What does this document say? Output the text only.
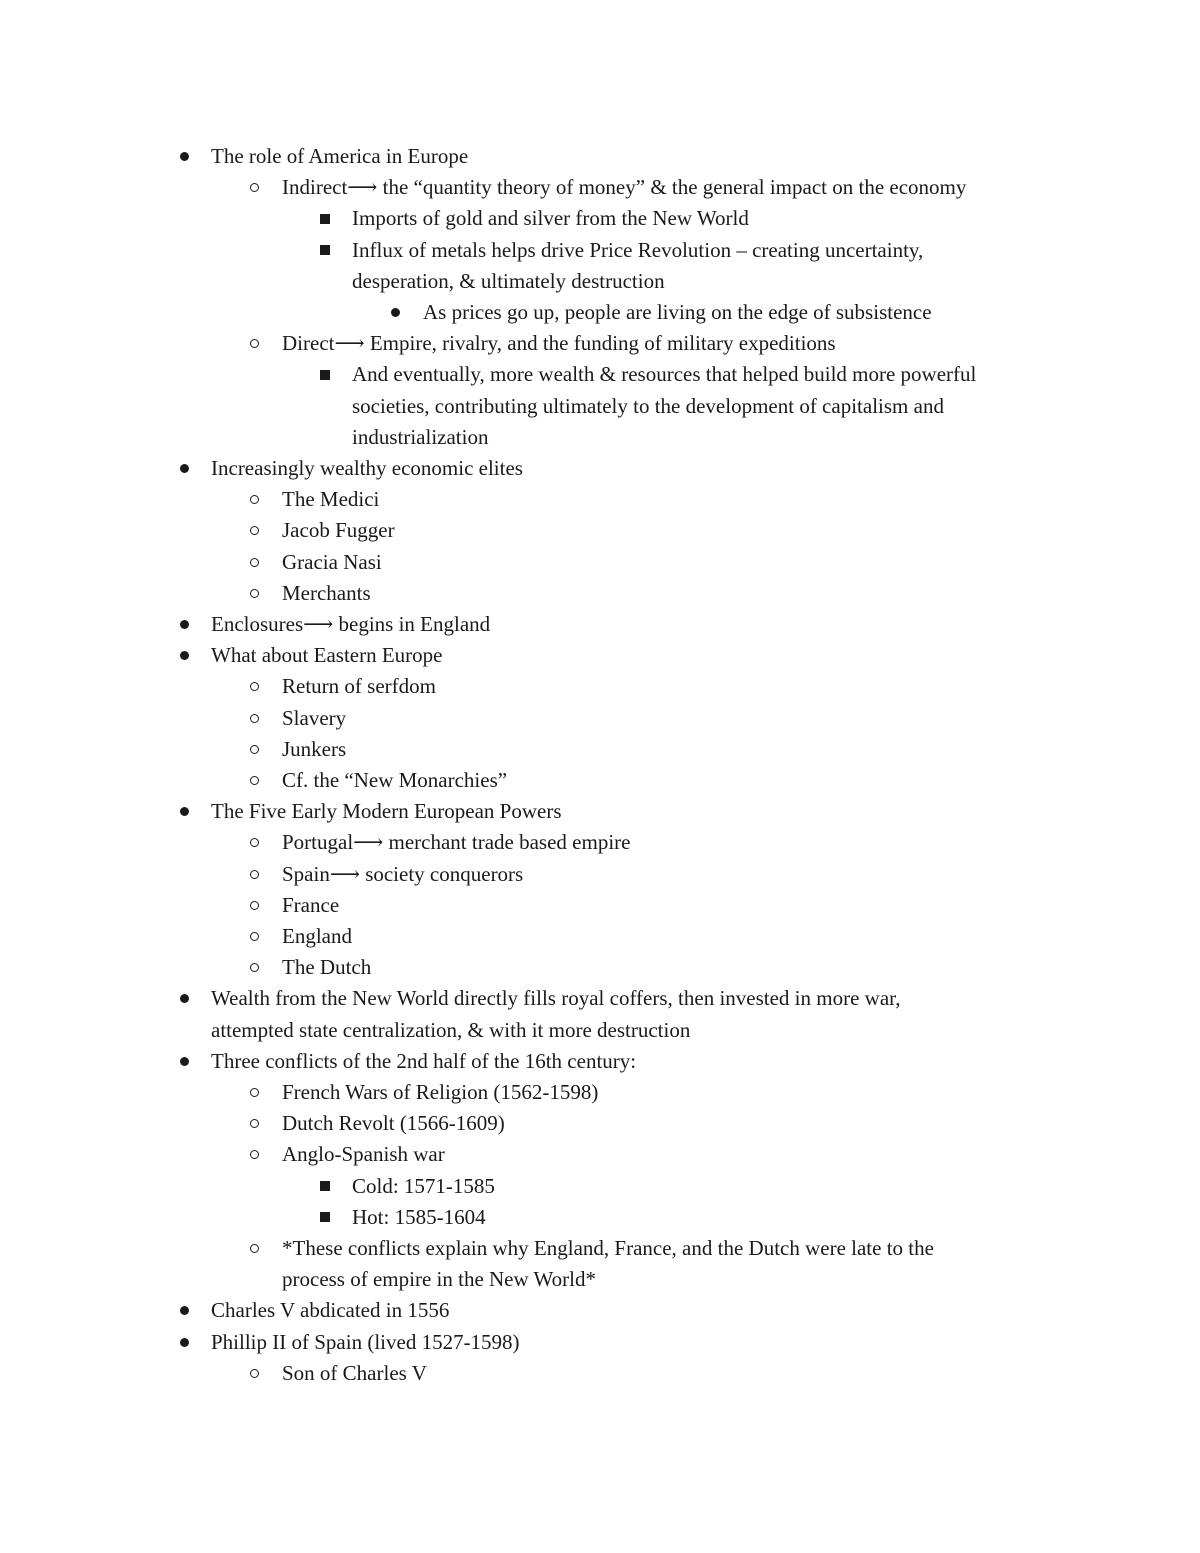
The role of America in Europe
Indirect⟶ the “quantity theory of money” & the general impact on the economy
Imports of gold and silver from the New World
Influx of metals helps drive Price Revolution – creating uncertainty,
desperation, & ultimately destruction
As prices go up, people are living on the edge of subsistence
Direct⟶ Empire, rivalry, and the funding of military expeditions
And eventually, more wealth & resources that helped build more powerful
societies, contributing ultimately to the development of capitalism and
industrialization
Increasingly wealthy economic elites
The Medici
Jacob Fugger
Gracia Nasi
Merchants
Enclosures⟶ begins in England
What about Eastern Europe
Return of serfdom
Slavery
Junkers
Cf. the “New Monarchies”
The Five Early Modern European Powers
Portugal⟶ merchant trade based empire
Spain⟶ society conquerors
France
England
The Dutch
Wealth from the New World directly fills royal coffers, then invested in more war,
attempted state centralization, & with it more destruction
Three conflicts of the 2nd half of the 16th century:
French Wars of Religion (1562-1598)
Dutch Revolt (1566-1609)
Anglo-Spanish war
Cold: 1571-1585
Hot: 1585-1604
*These conflicts explain why England, France, and the Dutch were late to the
process of empire in the New World*
Charles V abdicated in 1556
Phillip II of Spain (lived 1527-1598)
Son of Charles V
